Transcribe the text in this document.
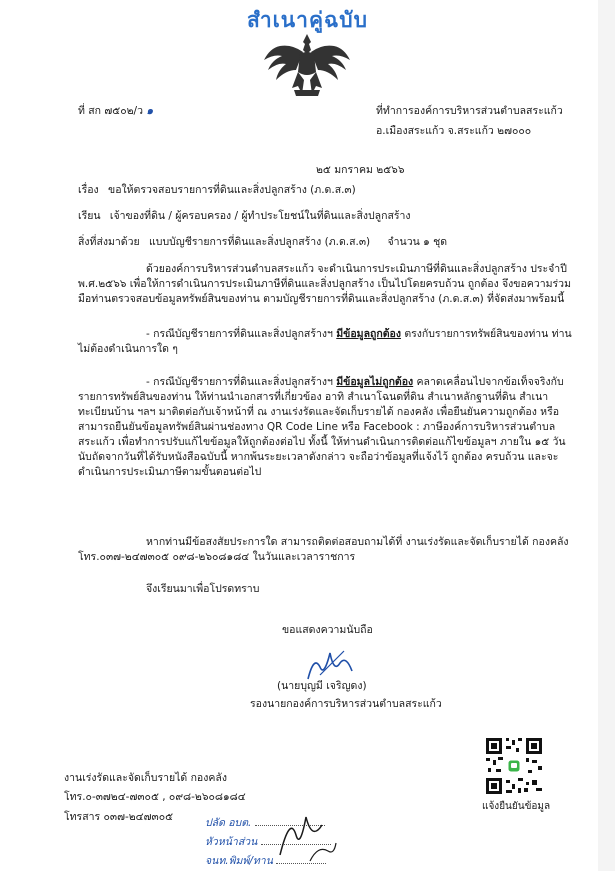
สำเนาคู่ฉบับ
ที่ สก ๗๕๐๒/ว ๑	ที่ทำการองค์การบริหารส่วนตำบลสระแก้ว
อ.เมืองสระแก้ว จ.สระแก้ว ๒๗๐๐๐
๒๕ มกราคม ๒๕๖๖
เรื่อง ขอให้ตรวจสอบรายการที่ดินและสิ่งปลูกสร้าง (ภ.ด.ส.๓)
เรียน เจ้าของที่ดิน / ผู้ครอบครอง / ผู้ทำประโยชน์ในที่ดินและสิ่งปลูกสร้าง
สิ่งที่ส่งมาด้วย แบบบัญชีรายการที่ดินและสิ่งปลูกสร้าง (ภ.ด.ส.๓) จำนวน ๑ ชุด
ด้วยองค์การบริหารส่วนตำบลสระแก้ว จะดำเนินการประเมินภาษีที่ดินและสิ่งปลูกสร้าง ประจำปี พ.ศ.๒๕๖๖ เพื่อให้การดำเนินการประเมินภาษีที่ดินและสิ่งปลูกสร้าง เป็นไปโดยครบถ้วน ถูกต้อง จึงขอความร่วมมือท่านตรวจสอบข้อมูลทรัพย์สินของท่าน ตามบัญชีรายการที่ดินและสิ่งปลูกสร้าง (ภ.ด.ส.๓) ที่จัดส่งมาพร้อมนี้
- กรณีบัญชีรายการที่ดินและสิ่งปลูกสร้างฯ มีข้อมูลถูกต้อง ตรงกับรายการทรัพย์สินของท่าน ท่านไม่ต้องดำเนินการใด ๆ
- กรณีบัญชีรายการที่ดินและสิ่งปลูกสร้างฯ มีข้อมูลไม่ถูกต้อง คลาดเคลื่อนไปจากข้อเท็จจริงกับรายการทรัพย์สินของท่าน ให้ท่านนำเอกสารที่เกี่ยวข้อง อาทิ สำเนาโฉนดที่ดิน สำเนาหลักฐานที่ดิน สำเนาทะเบียนบ้าน ฯลฯ มาติดต่อกับเจ้าหน้าที่ ณ งานเร่งรัดและจัดเก็บรายได้ กองคลัง เพื่อยืนยันความถูกต้อง หรือสามารถยืนยันข้อมูลทรัพย์สินผ่านช่องทาง QR Code Line หรือ Facebook : ภาษีองค์การบริหารส่วนตำบลสระแก้ว เพื่อทำการปรับแก้ไขข้อมูลให้ถูกต้องต่อไป ทั้งนี้ ให้ท่านดำเนินการติดต่อแก้ไขข้อมูลฯ ภายใน ๑๕ วัน นับถัดจากวันที่ได้รับหนังสือฉบับนี้ หากพ้นระยะเวลาดังกล่าว จะถือว่าข้อมูลที่แจ้งไว้ ถูกต้อง ครบถ้วน และจะดำเนินการประเมินภาษีตามขั้นตอนต่อไป
หากท่านมีข้อสงสัยประการใด สามารถติดต่อสอบถามได้ที่ งานเร่งรัดและจัดเก็บรายได้ กองคลัง โทร.๐๓๗-๒๔๗๓๐๕ ๐๙๘-๒๖๐๘๑๘๔ ในวันและเวลาราชการ
จึงเรียนมาเพื่อโปรดทราบ
ขอแสดงความนับถือ
(นายบุญมี เจริญดง)
รองนายกองค์การบริหารส่วนตำบลสระแก้ว
งานเร่งรัดและจัดเก็บรายได้ กองคลัง
โทร.๐-๓๗๒๔-๗๓๐๕ , ๐๙๘-๒๖๐๘๑๘๔
โทรสาร ๐๓๗-๒๔๗๓๐๕
แจ้งยืนยันข้อมูล
ปลัด อบต.
หัวหน้าส่วน
จนท.พิมพ์/ทาน
